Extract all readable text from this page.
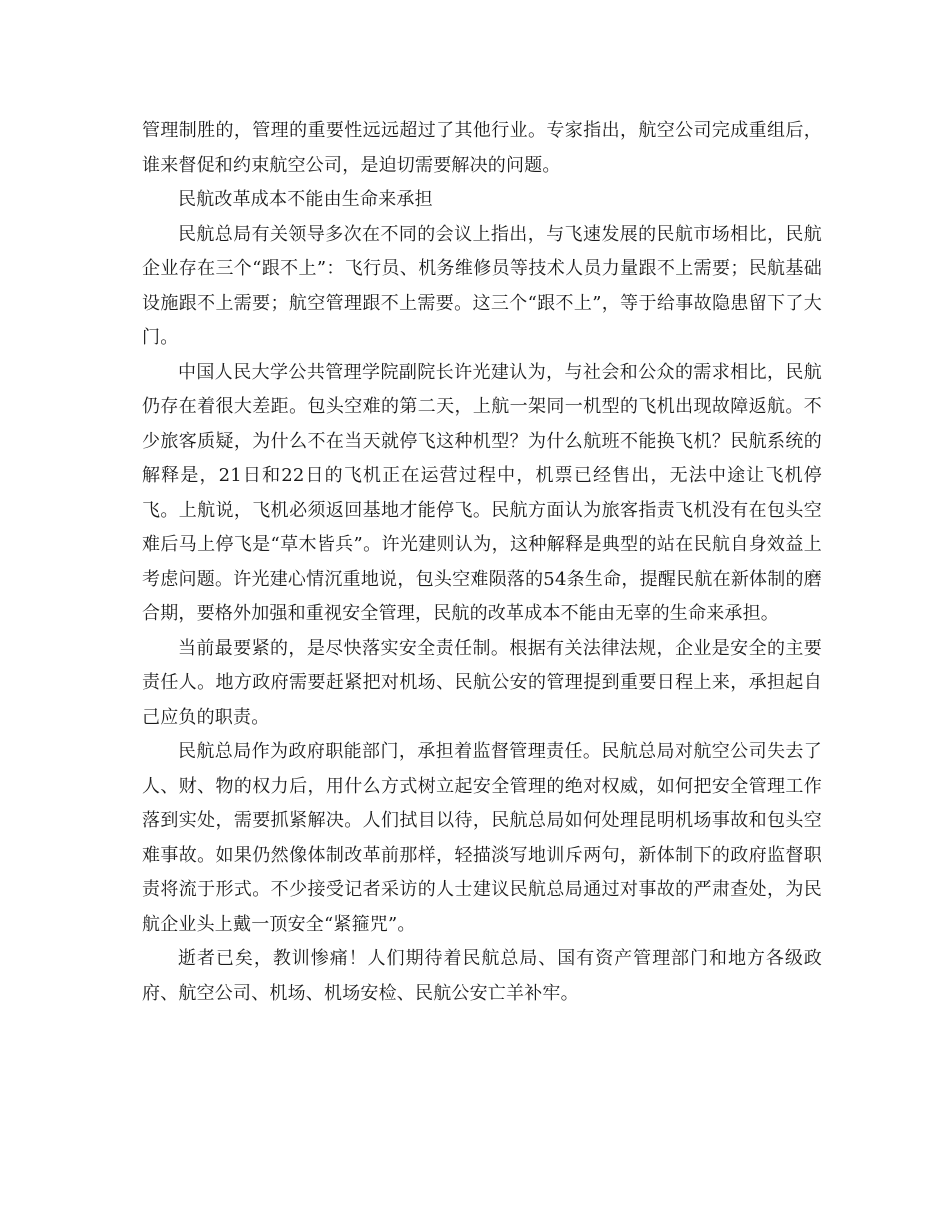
管理制胜的，管理的重要性远远超过了其他行业。专家指出，航空公司完成重组后，谁来督促和约束航空公司，是迫切需要解决的问题。

民航改革成本不能由生命来承担

民航总局有关领导多次在不同的会议上指出，与飞速发展的民航市场相比，民航企业存在三个“跟不上”：飞行员、机务维修员等技术人员力量跟不上需要；民航基础设施跟不上需要；航空管理跟不上需要。这三个“跟不上”，等于给事故隐患留下了大门。

中国人民大学公共管理学院副院长许光建认为，与社会和公众的需求相比，民航仍存在着很大差距。包头空难的第二天，上航一架同一机型的飞机出现故障返航。不少旅客质疑，为什么不在当天就停飞这种机型？为什么航班不能换飞机？民航系统的解释是，21日和22日的飞机正在运营过程中，机票已经售出，无法中途让飞机停飞。上航说，飞机必须返回基地才能停飞。民航方面认为旅客指责飞机没有在包头空难后马上停飞是“草木皆兵”。许光建则认为，这种解释是典型的站在民航自身效益上考虑问题。许光建心情沉重地说，包头空难陨落的54条生命，提醒民航在新体制的磨合期，要格外加强和重视安全管理，民航的改革成本不能由无辜的生命来承担。

当前最要紧的，是尽快落实安全责任制。根据有关法律法规，企业是安全的主要责任人。地方政府需要赶紧把对机场、民航公安的管理提到重要日程上来，承担起自己应负的职责。

民航总局作为政府职能部门，承担着监督管理责任。民航总局对航空公司失去了人、财、物的权力后，用什么方式树立起安全管理的绝对权威，如何把安全管理工作落到实处，需要抓紧解决。人们拭目以待，民航总局如何处理昆明机场事故和包头空难事故。如果仍然像体制改革前那样，轻描淡写地训斥两句，新体制下的政府监督职责将流于形式。不少接受记者采访的人士建议民航总局通过对事故的严肃查处，为民航企业头上戴一顶安全“紧箍咒”。

逝者已矣，教训惨痛！人们期待着民航总局、国有资产管理部门和地方各级政府、航空公司、机场、机场安检、民航公安亡羊补牢。
